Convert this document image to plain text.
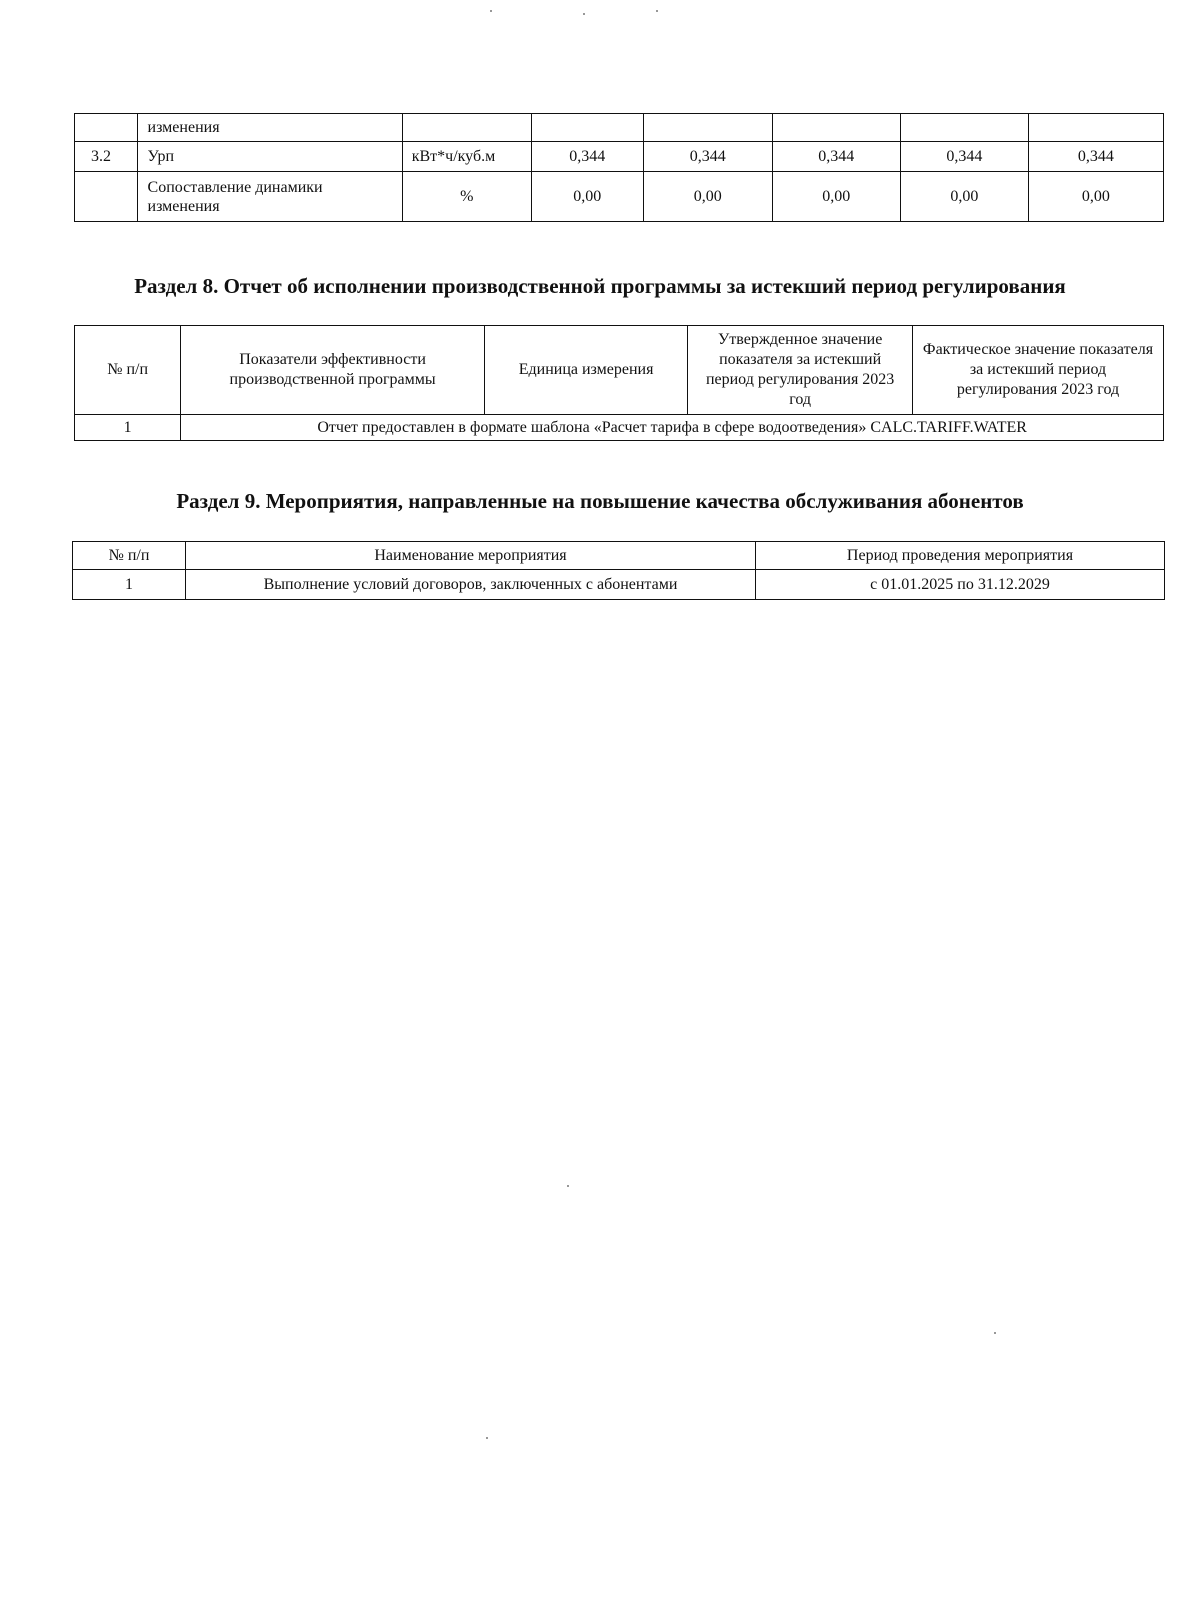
	изменения						
3.2	Урп	кВт*ч/куб.м	0,344	0,344	0,344	0,344	0,344
	Сопоставление динамики изменения	%	0,00	0,00	0,00	0,00	0,00
Раздел 8. Отчет об исполнении производственной программы за истекший период регулирования
№ п/п	Показатели эффективности производственной программы	Единица измерения	Утвержденное значение показателя за истекший период регулирования 2023 год	Фактическое значение показателя за истекший период регулирования 2023 год
1	Отчет предоставлен в формате шаблона «Расчет тарифа в сфере водоотведения» CALC.TARIFF.WATER			
Раздел 9. Мероприятия, направленные на повышение качества обслуживания абонентов
№ п/п	Наименование мероприятия	Период проведения мероприятия
1	Выполнение условий договоров, заключенных с абонентами	с 01.01.2025 по 31.12.2029
